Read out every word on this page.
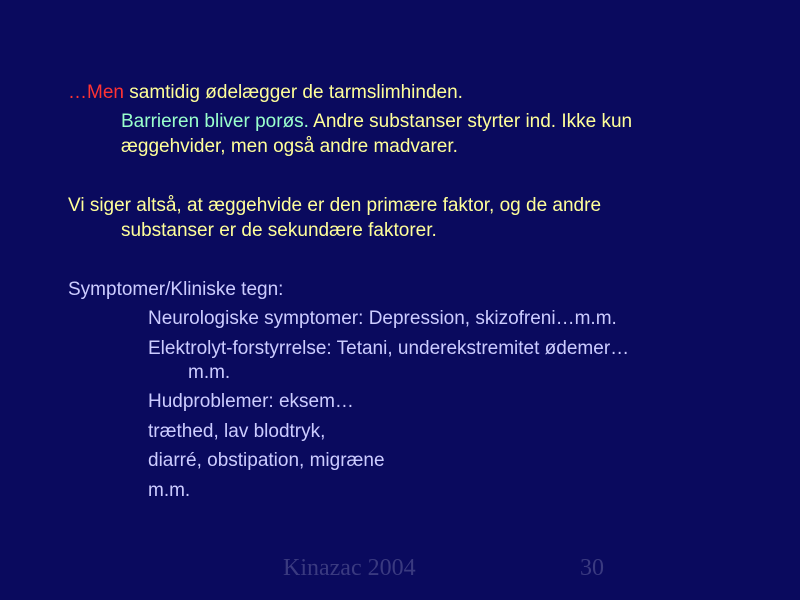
…Men samtidig ødelægger de tarmslimhinden.
Barrieren bliver porøs. Andre substanser styrter ind. Ikke kun
æggehvider, men også andre madvarer.
Vi siger altså, at æggehvide er den primære faktor, og de andre
substanser er de sekundære faktorer.
Symptomer/Kliniske tegn:
Neurologiske symptomer: Depression, skizofreni…m.m.
Elektrolyt-forstyrrelse: Tetani, underekstremitet ødemer…
m.m.
Hudproblemer: eksem…
træthed, lav blodtryk,
diarré, obstipation, migræne
m.m.
Kinazac 2004	30
